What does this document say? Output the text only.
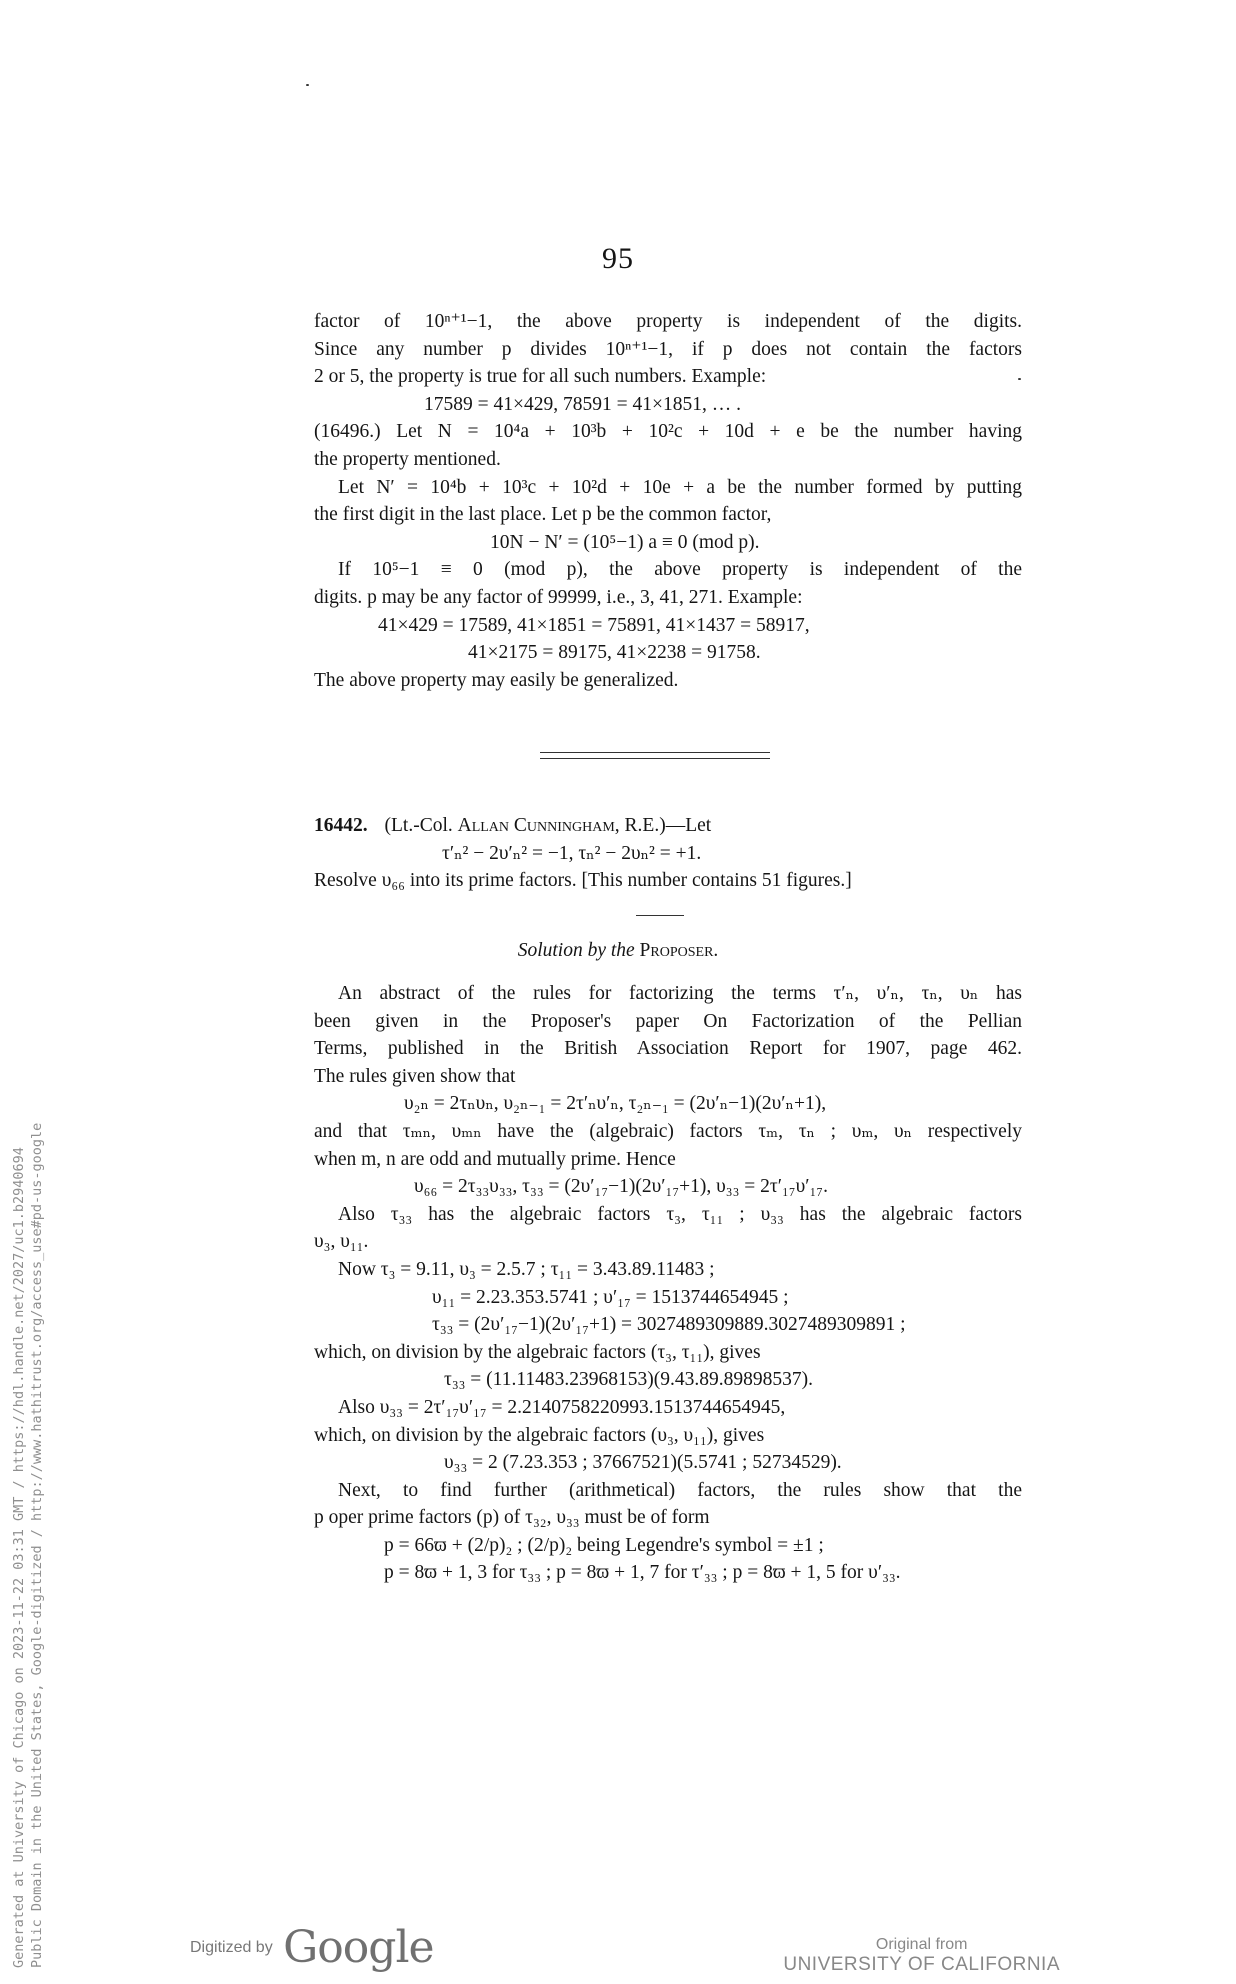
95
factor of 10ⁿ⁺¹−1, the above property is independent of the digits.
Since any number p divides 10ⁿ⁺¹−1, if p does not contain the factors
2 or 5, the property is true for all such numbers. Example:
17589 = 41×429, 78591 = 41×1851, … .
(16496.) Let N = 10⁴a + 10³b + 10²c + 10d + e be the number having
the property mentioned.
Let N′ = 10⁴b + 10³c + 10²d + 10e + a be the number formed by putting
the first digit in the last place. Let p be the common factor,
10N − N′ = (10⁵−1) a ≡ 0 (mod p).
If 10⁵−1 ≡ 0 (mod p), the above property is independent of the
digits. p may be any factor of 99999, i.e., 3, 41, 271. Example:
41×429 = 17589, 41×1851 = 75891, 41×1437 = 58917,
41×2175 = 89175, 41×2238 = 91758.
The above property may easily be generalized.
16442. (Lt.-Col. Allan Cunningham, R.E.)—Let
τ′ₙ² − 2υ′ₙ² = −1, τₙ² − 2υₙ² = +1.
Resolve υ₆₆ into its prime factors. [This number contains 51 figures.]
Solution by the Proposer.
An abstract of the rules for factorizing the terms τ′ₙ, υ′ₙ, τₙ, υₙ has
been given in the Proposer's paper On Factorization of the Pellian
Terms, published in the British Association Report for 1907, page 462.
The rules given show that
υ₂ₙ = 2τₙυₙ, υ₂ₙ₋₁ = 2τ′ₙυ′ₙ, τ₂ₙ₋₁ = (2υ′ₙ−1)(2υ′ₙ+1),
and that τₘₙ, υₘₙ have the (algebraic) factors τₘ, τₙ ; υₘ, υₙ respectively
when m, n are odd and mutually prime. Hence
υ₆₆ = 2τ₃₃υ₃₃, τ₃₃ = (2υ′₁₇−1)(2υ′₁₇+1), υ₃₃ = 2τ′₁₇υ′₁₇.
Also τ₃₃ has the algebraic factors τ₃, τ₁₁ ; υ₃₃ has the algebraic factors
υ₃, υ₁₁.
Now τ₃ = 9.11, υ₃ = 2.5.7 ; τ₁₁ = 3.43.89.11483 ;
υ₁₁ = 2.23.353.5741 ; υ′₁₇ = 1513744654945 ;
τ₃₃ = (2υ′₁₇−1)(2υ′₁₇+1) = 3027489309889.3027489309891 ;
which, on division by the algebraic factors (τ₃, τ₁₁), gives
τ₃₃ = (11.11483.23968153)(9.43.89.89898537).
Also υ₃₃ = 2τ′₁₇υ′₁₇ = 2.2140758220993.1513744654945,
which, on division by the algebraic factors (υ₃, υ₁₁), gives
υ₃₃ = 2 (7.23.353 ; 37667521)(5.5741 ; 52734529).
Next, to find further (arithmetical) factors, the rules show that the
p oper prime factors (p) of τ₃₂, υ₃₃ must be of form
p = 66ϖ + (2/p)₂ ; (2/p)₂ being Legendre's symbol = ±1 ;
p = 8ϖ + 1, 3 for τ₃₃ ; p = 8ϖ + 1, 7 for τ′₃₃ ; p = 8ϖ + 1, 5 for υ′₃₃.
Generated at University of Chicago on 2023-11-22 03:31 GMT / https://hdl.handle.net/2027/uc1.b2940694 Public Domain in the United States, Google-digitized / http://www.hathitrust.org/access_use#pd-us-google	Digitized by Google	Original from
UNIVERSITY OF CALIFORNIA
